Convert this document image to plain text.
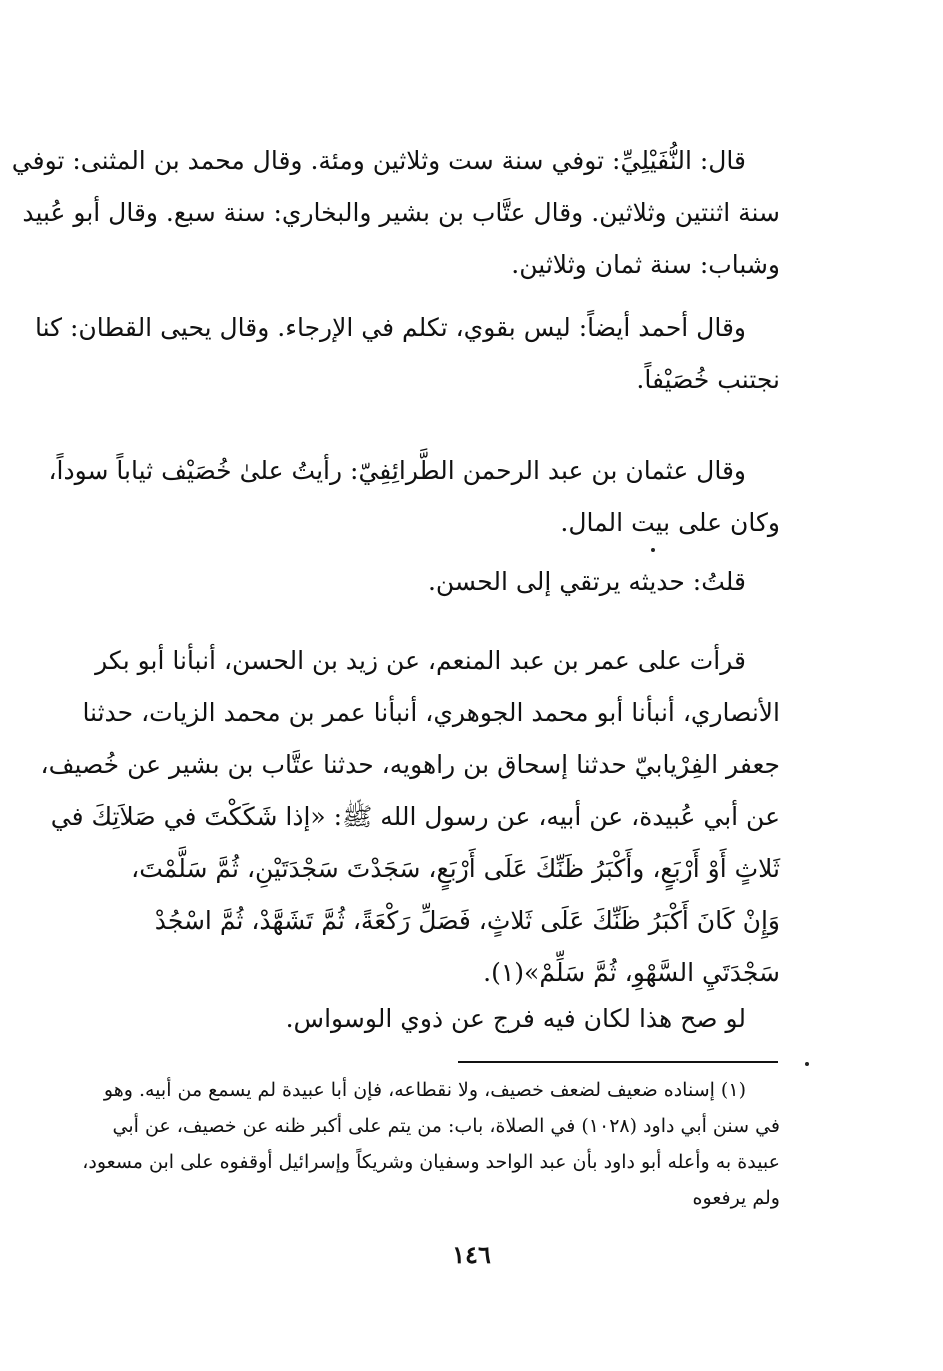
قال: النُّفَيْلِيِّ: توفي سنة ست وثلاثين ومئة. وقال محمد بن المثنى: توفي
سنة اثنتين وثلاثين. وقال عتَّاب بن بشير والبخاري: سنة سبع. وقال أبو عُبيد
وشباب: سنة ثمان وثلاثين.

وقال أحمد أيضاً: ليس بقوي، تكلم في الإرجاء. وقال يحيى القطان: كنا
نجتنب خُصَيْفاً.

وقال عثمان بن عبد الرحمن الطَّرائِفِيّ: رأيتُ علىٰ خُصَيْف ثياباً سوداً،
وكان على بيت المال.

قلتُ: حديثه يرتقي إلى الحسن.

قرأت على عمر بن عبد المنعم، عن زيد بن الحسن، أنبأنا أبو بكر
الأنصاري، أنبأنا أبو محمد الجوهري، أنبأنا عمر بن محمد الزيات، حدثنا
جعفر الفِرْيابيّ حدثنا إسحاق بن راهويه، حدثنا عتَّاب بن بشير عن خُصيف،
عن أبي عُبيدة، عن أبيه، عن رسول الله ﷺ: «إذا شَكَكْتَ في صَلاَتِكَ في
ثَلاثٍ أَوْ أَرْبَعٍ، وأَكْبَرُ ظَنِّكَ عَلَى أَرْبَعٍ، سَجَدْتَ سَجْدَتَيْنِ، ثُمَّ سَلَّمْتَ،
وَإِنْ كَانَ أَكْبَرُ ظَنِّكَ عَلَى ثَلاثٍ، فَصَلِّ رَكْعَةً، ثُمَّ تَشَهَّدْ، ثُمَّ اسْجُدْ
سَجْدَتَيِ السَّهْوِ، ثُمَّ سَلِّمْ»(١).

لو صح هذا لكان فيه فرج عن ذوي الوسواس.

(١) إسناده ضعيف لضعف خصيف، ولا نقطاعه، فإن أبا عبيدة لم يسمع من أبيه. وهو
في سنن أبي داود (١٠٢٨) في الصلاة، باب: من يتم على أكبر ظنه عن خصيف، عن أبي
عبيدة به وأعله أبو داود بأن عبد الواحد وسفيان وشريكاً وإسرائيل أوقفوه على ابن مسعود،
ولم يرفعوه

١٤٦
